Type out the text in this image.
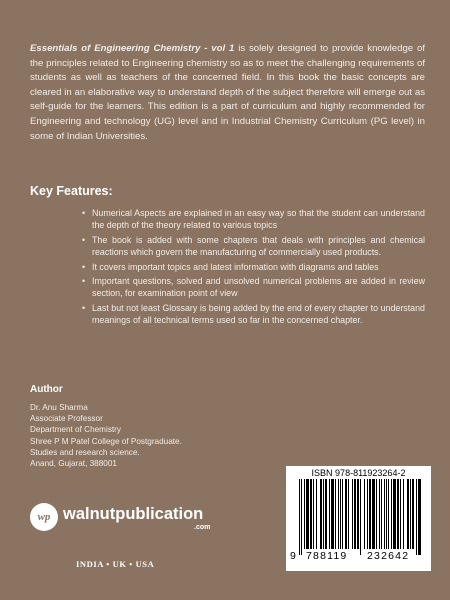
Essentials of Engineering Chemistry - vol 1 is solely designed to provide knowledge of the principles related to Engineering chemistry so as to meet the challenging requirements of students as well as teachers of the concerned field. In this book the basic concepts are cleared in an elaborative way to understand depth of the subject therefore will emerge out as self-guide for the learners. This edition is a part of curriculum and highly recommended for Engineering and technology (UG) level and in Industrial Chemistry Curriculum (PG level) in some of Indian Universities.
Key Features:
• Numerical Aspects are explained in an easy way so that the student can understand the depth of the theory related to various topics
• The book is added with some chapters that deals with principles and chemical reactions which govern the manufacturing of commercially used products.
• It covers important topics and latest information with diagrams and tables
• Important questions, solved and unsolved numerical problems are added in review section, for examination point of view
• Last but not least Glossary is being added by the end of every chapter to understand meanings of all technical terms used so far in the concerned chapter.
Author
Dr. Anu Sharma
Associate Professor
Department of Chemistry
Shree P M Patel College of Postgraduate.
Studies and research science.
Anand, Gujarat, 388001
wp walnutpublication
.com
INDIA • UK • USA
ISBN 978-811923264-2
9 788119 232642
